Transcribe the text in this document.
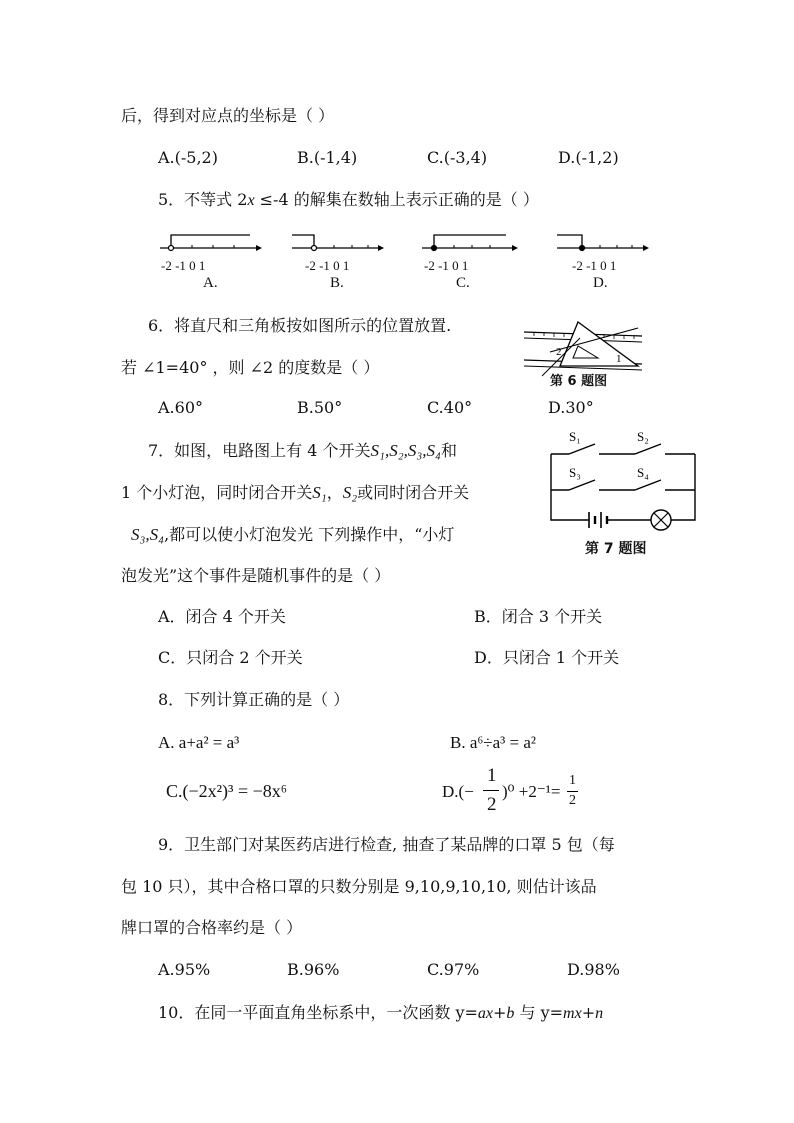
后，得到对应点的坐标是（ ）
A.(-5,2)	B.(-1,4)	C.(-3,4)	D.(-1,2)
5．不等式 2x ≤-4 的解集在数轴上表示正确的是（ ）
-2 -1 0 1
A.
-2 -1 0 1
B.
-2 -1 0 1
C.
-2 -1 0 1
D.
6．将直尺和三角板按如图所示的位置放置.
若 ∠1=40° ，则 ∠2 的度数是（ ）
2
1
第 6 题图
A.60°	B.50°	C.40°	D.30°
7．如图，电路图上有 4 个开关S₁,S₂,S₃,S₄和
1 个小灯泡，同时闭合开关S₁，S₂或同时闭合开关
S₃,S₄,都可以使小灯泡发光 下列操作中，“小灯
泡发光”这个事件是随机事件的是（ ）
S₁	S₂
S₃	S₄
第 7 题图
A．闭合 4 个开关	B．闭合 3 个开关
C．只闭合 2 个开关	D．只闭合 1 个开关
8．下列计算正确的是（ ）
A. a+a² = a³	B. a⁶÷a³ = a²
C.(−2x²)³ = −8x⁶	D.(−
1
2
)⁰ +2⁻¹=
1
2
9．卫生部门对某医药店进行检查, 抽查了某品牌的口罩 5 包（每
包 10 只），其中合格口罩的只数分别是 9,10,9,10,10, 则估计该品
牌口罩的合格率约是（ ）
A.95%	B.96%	C.97%	D.98%
10．在同一平面直角坐标系中，一次函数 y=ax+b 与 y=mx+n
